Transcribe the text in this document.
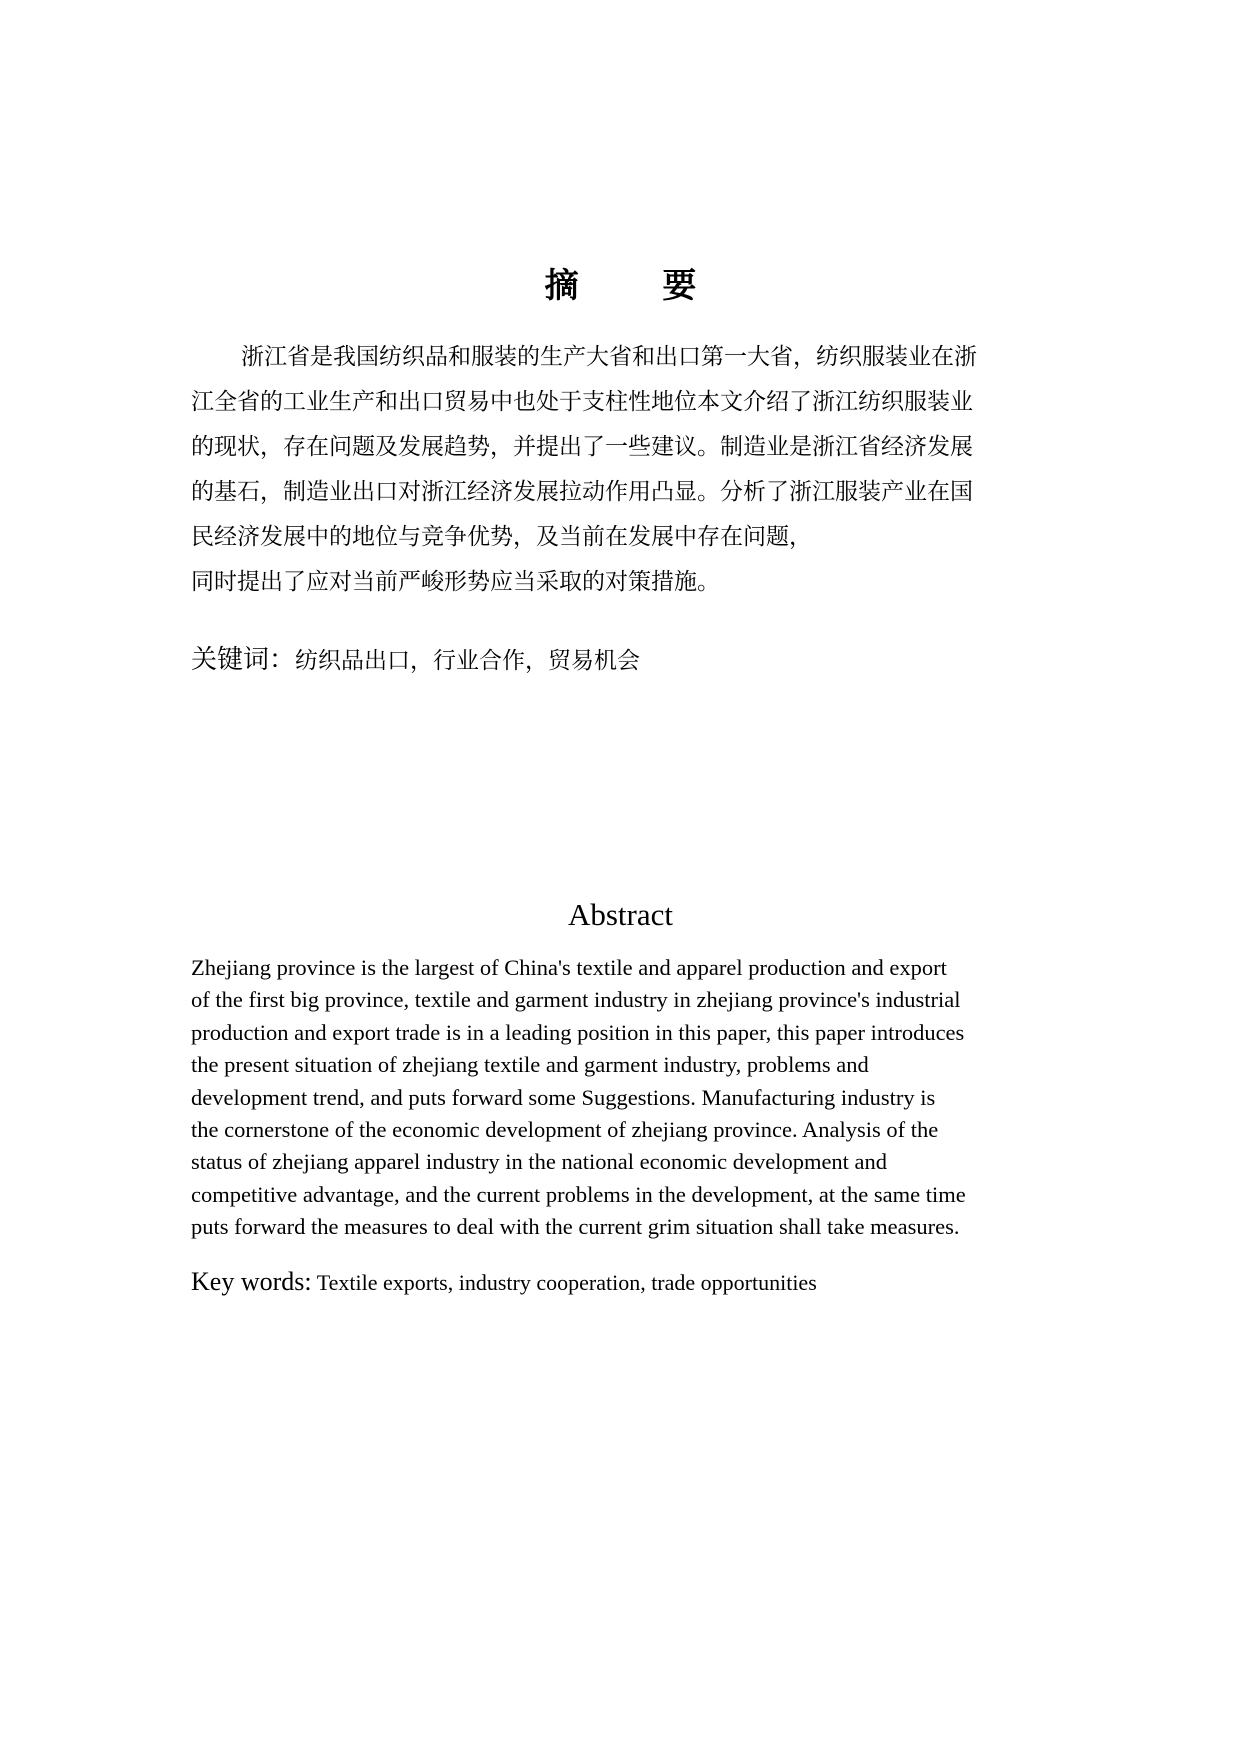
摘 要
浙江省是我国纺织品和服装的生产大省和出口第一大省，纺织服装业在浙
江全省的工业生产和出口贸易中也处于支柱性地位本文介绍了浙江纺织服装业
的现状，存在问题及发展趋势，并提出了一些建议。制造业是浙江省经济发展
的基石，制造业出口对浙江经济发展拉动作用凸显。分析了浙江服装产业在国
民经济发展中的地位与竞争优势，及当前在发展中存在问题，
同时提出了应对当前严峻形势应当采取的对策措施。

关键词：纺织品出口，行业合作，贸易机会

Abstract
Zhejiang province is the largest of China's textile and apparel production and export
of the first big province, textile and garment industry in zhejiang province's industrial
production and export trade is in a leading position in this paper, this paper introduces
the present situation of zhejiang textile and garment industry, problems and
development trend, and puts forward some Suggestions. Manufacturing industry is
the cornerstone of the economic development of zhejiang province. Analysis of the
status of zhejiang apparel industry in the national economic development and
competitive advantage, and the current problems in the development, at the same time
puts forward the measures to deal with the current grim situation shall take measures.

Key words: Textile exports, industry cooperation, trade opportunities
